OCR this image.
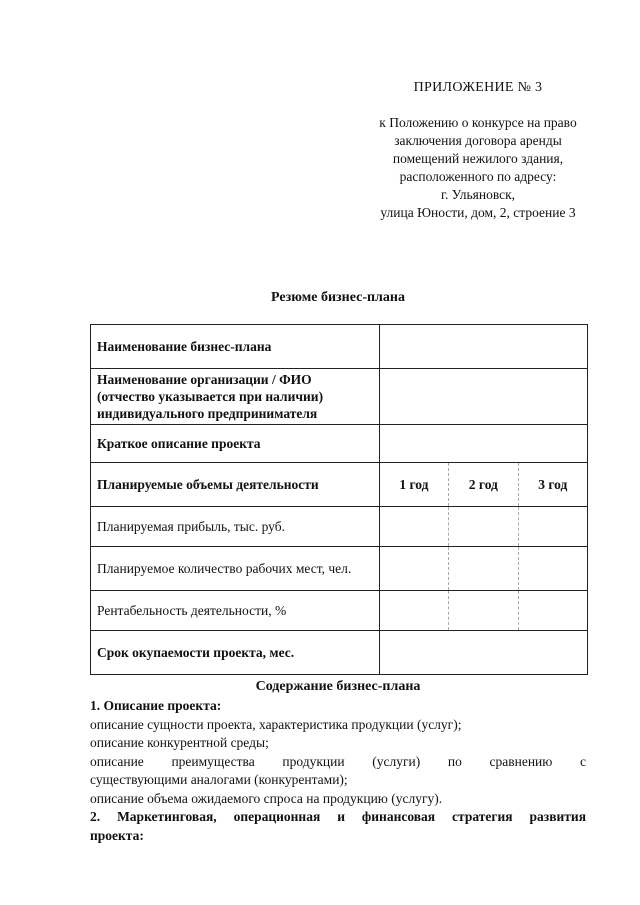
ПРИЛОЖЕНИЕ № 3
к Положению о конкурсе на право
заключения договора аренды
помещений нежилого здания,
расположенного по адресу:
г. Ульяновск,
улица Юности, дом, 2, строение 3
Резюме бизнес-плана
Наименование бизнес-плана			
Наименование организации / ФИО (отчество указывается при наличии) индивидуального предпринимателя			
Краткое описание проекта			
Планируемые объемы деятельности	1 год	2 год	3 год
Планируемая прибыль, тыс. руб.			
Планируемое количество рабочих мест, чел.			
Рентабельность деятельности, %			
Срок окупаемости проекта, мес.			
Содержание бизнес-плана
1. Описание проекта:
описание сущности проекта, характеристика продукции (услуг);
описание конкурентной среды;
описание преимущества продукции (услуги) по сравнению с
существующими аналогами (конкурентами);
описание объема ожидаемого спроса на продукцию (услугу).
2. Маркетинговая, операционная и финансовая стратегия развития
проекта:
